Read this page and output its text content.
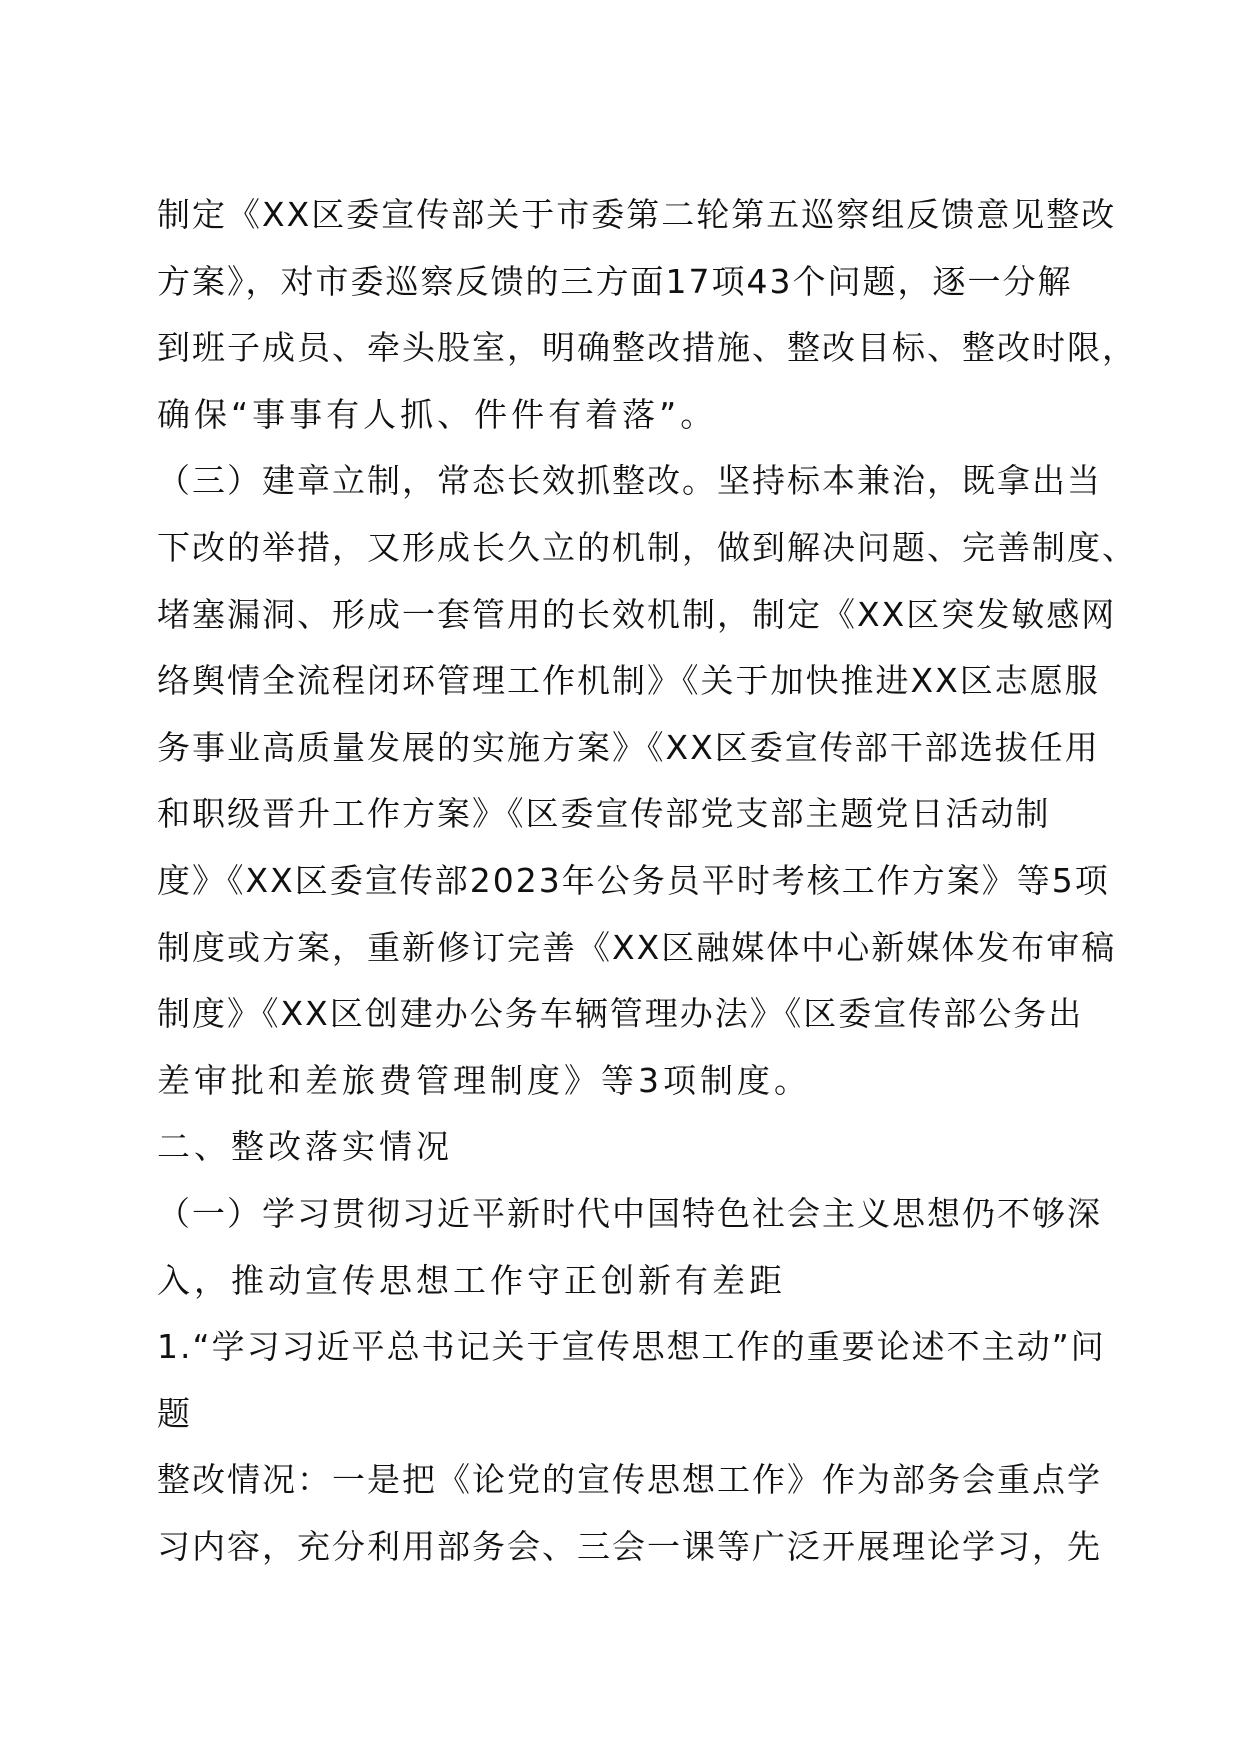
制定《XX区委宣传部关于市委第二轮第五巡察组反馈意见整改
方案》，对市委巡察反馈的三方面17项43个问题，逐一分解
到班子成员、牵头股室，明确整改措施、整改目标、整改时限，
确保“事事有人抓、件件有着落”。
（三）建章立制，常态长效抓整改。坚持标本兼治，既拿出当
下改的举措，又形成长久立的机制，做到解决问题、完善制度、
堵塞漏洞、形成一套管用的长效机制，制定《XX区突发敏感网
络舆情全流程闭环管理工作机制》《关于加快推进XX区志愿服
务事业高质量发展的实施方案》《XX区委宣传部干部选拔任用
和职级晋升工作方案》《区委宣传部党支部主题党日活动制
度》《XX区委宣传部2023年公务员平时考核工作方案》等5项
制度或方案，重新修订完善《XX区融媒体中心新媒体发布审稿
制度》《XX区创建办公务车辆管理办法》《区委宣传部公务出
差审批和差旅费管理制度》等3项制度。
二、整改落实情况
（一）学习贯彻习近平新时代中国特色社会主义思想仍不够深
入，推动宣传思想工作守正创新有差距
1.“学习习近平总书记关于宣传思想工作的重要论述不主动”问
题
整改情况：一是把《论党的宣传思想工作》作为部务会重点学
习内容，充分利用部务会、三会一课等广泛开展理论学习，先
